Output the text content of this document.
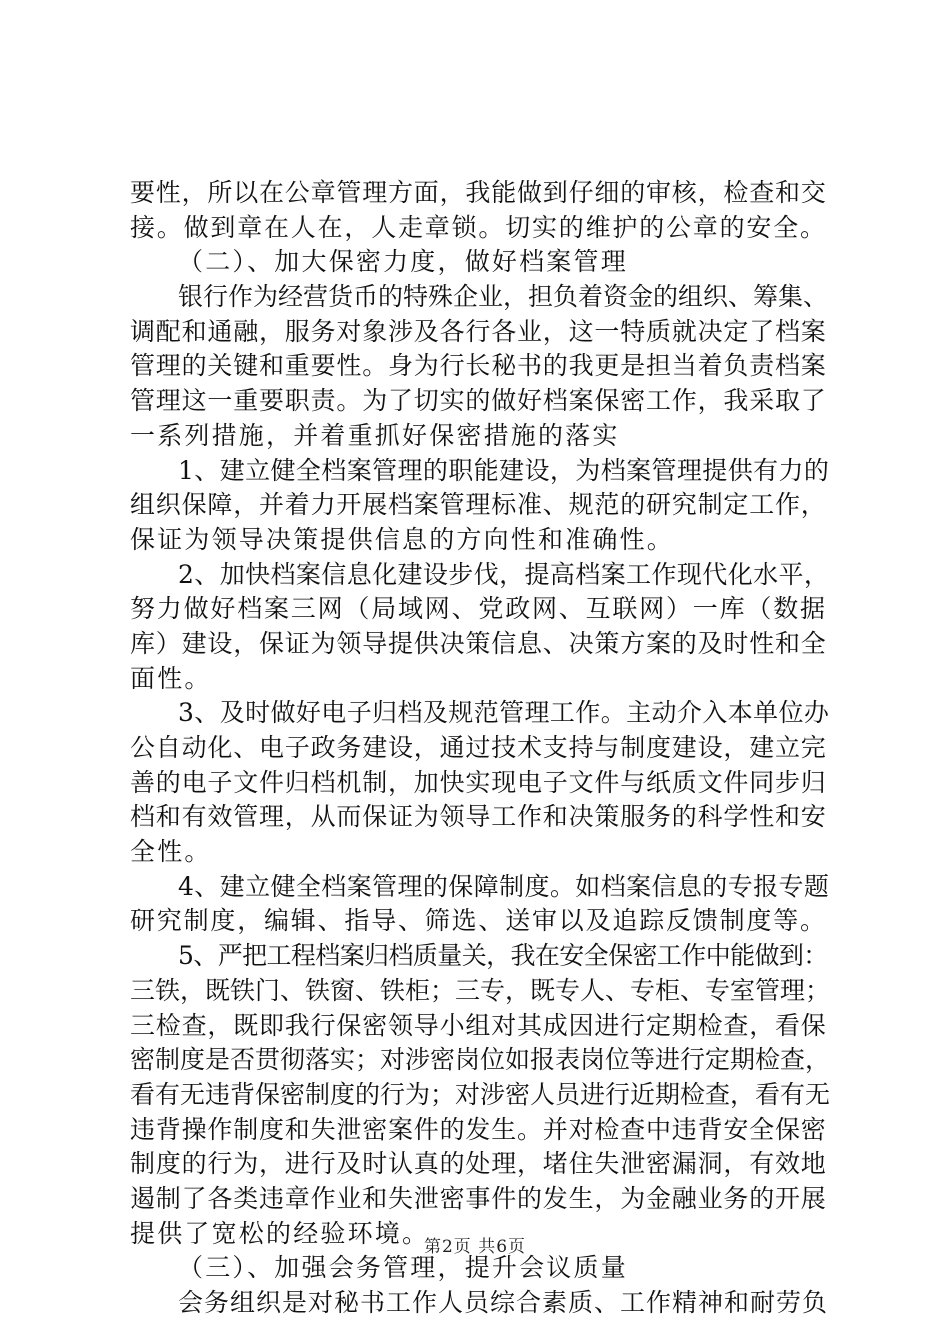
要性，所以在公章管理方面，我能做到仔细的审核，检查和交
接。做到章在人在，人走章锁。切实的维护的公章的安全。
（二）、加大保密力度，做好档案管理
银行作为经营货币的特殊企业，担负着资金的组织、筹集、
调配和通融，服务对象涉及各行各业，这一特质就决定了档案
管理的关键和重要性。身为行长秘书的我更是担当着负责档案
管理这一重要职责。为了切实的做好档案保密工作，我采取了
一系列措施，并着重抓好保密措施的落实
1、建立健全档案管理的职能建设，为档案管理提供有力的
组织保障，并着力开展档案管理标准、规范的研究制定工作，
保证为领导决策提供信息的方向性和准确性。
2、加快档案信息化建设步伐，提高档案工作现代化水平，
努力做好档案三网（局域网、党政网、互联网）一库（数据
库）建设，保证为领导提供决策信息、决策方案的及时性和全
面性。
3、及时做好电子归档及规范管理工作。主动介入本单位办
公自动化、电子政务建设，通过技术支持与制度建设，建立完
善的电子文件归档机制，加快实现电子文件与纸质文件同步归
档和有效管理，从而保证为领导工作和决策服务的科学性和安
全性。
4、建立健全档案管理的保障制度。如档案信息的专报专题
研究制度，编辑、指导、筛选、送审以及追踪反馈制度等。
5、严把工程档案归档质量关，我在安全保密工作中能做到：
三铁，既铁门、铁窗、铁柜；三专，既专人、专柜、专室管理；
三检查，既即我行保密领导小组对其成因进行定期检查，看保
密制度是否贯彻落实；对涉密岗位如报表岗位等进行定期检查，
看有无违背保密制度的行为；对涉密人员进行近期检查，看有无
违背操作制度和失泄密案件的发生。并对检查中违背安全保密
制度的行为，进行及时认真的处理，堵住失泄密漏洞，有效地
遏制了各类违章作业和失泄密事件的发生，为金融业务的开展
提供了宽松的经验环境。
（三）、加强会务管理，提升会议质量
会务组织是对秘书工作人员综合素质、工作精神和耐劳负
第2页 共6页
